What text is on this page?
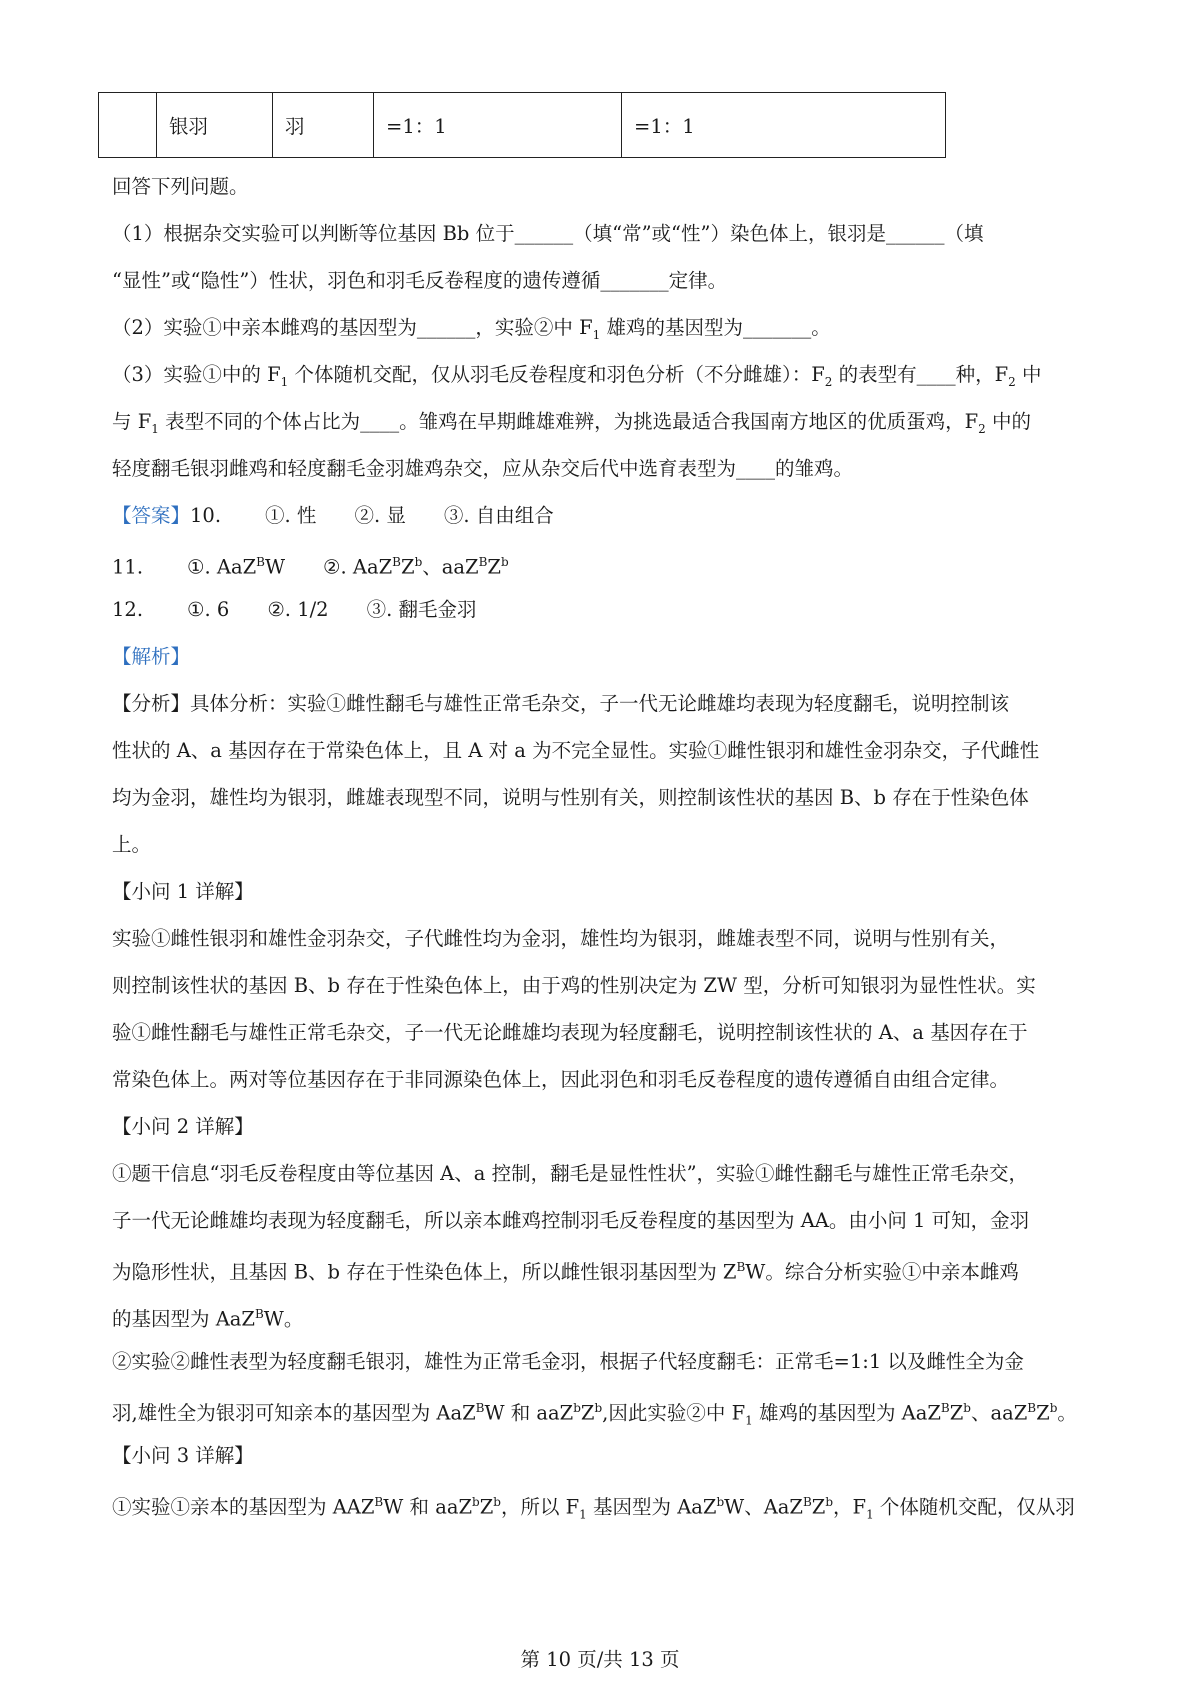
	银羽	羽	=1：1	=1：1
回答下列问题。
（1）根据杂交实验可以判断等位基因 Bb 位于______（填“常”或“性”）染色体上，银羽是______（填
“显性”或“隐性”）性状，羽色和羽毛反卷程度的遗传遵循_______定律。
（2）实验①中亲本雌鸡的基因型为______，实验②中 $F_1$ 雄鸡的基因型为_______。
（3）实验①中的 $F_1$ 个体随机交配，仅从羽毛反卷程度和羽色分析（不分雌雄）：$F_2$ 的表型有____种，$F_2$ 中
与 $F_1$ 表型不同的个体占比为____。雏鸡在早期雌雄难辨，为挑选最适合我国南方地区的优质蛋鸡，$F_2$ 中的
轻度翻毛银羽雌鸡和轻度翻毛金羽雄鸡杂交，应从杂交后代中选育表型为____的雏鸡。
【答案】10. ①. 性 ②. 显 ③. 自由组合
11. ①. AaZ$^B$W ②. $AaZ^BZ^b$、$aaZ^BZ^b$
12. ①. 6 ②. 1/2 ③. 翻毛金羽
【解析】
【分析】具体分析：实验①雌性翻毛与雄性正常毛杂交，子一代无论雌雄均表现为轻度翻毛，说明控制该
性状的 A、a 基因存在于常染色体上，且 A 对 a 为不完全显性。实验①雌性银羽和雄性金羽杂交，子代雌性
均为金羽，雄性均为银羽，雌雄表现型不同，说明与性别有关，则控制该性状的基因 B、b 存在于性染色体
上。
【小问 1 详解】
实验①雌性银羽和雄性金羽杂交，子代雌性均为金羽，雄性均为银羽，雌雄表型不同，说明与性别有关，
则控制该性状的基因 B、b 存在于性染色体上，由于鸡的性别决定为 ZW 型，分析可知银羽为显性性状。实
验①雌性翻毛与雄性正常毛杂交，子一代无论雌雄均表现为轻度翻毛，说明控制该性状的 A、a 基因存在于
常染色体上。两对等位基因存在于非同源染色体上，因此羽色和羽毛反卷程度的遗传遵循自由组合定律。
【小问 2 详解】
①题干信息“羽毛反卷程度由等位基因 A、a 控制，翻毛是显性性状”，实验①雌性翻毛与雄性正常毛杂交，
子一代无论雌雄均表现为轻度翻毛，所以亲本雌鸡控制羽毛反卷程度的基因型为 AA。由小问 1 可知，金羽
为隐形性状，且基因 B、b 存在于性染色体上，所以雌性银羽基因型为 $Z^BW$。综合分析实验①中亲本雌鸡
的基因型为 AaZ$^B$W。
②实验②雌性表型为轻度翻毛银羽，雄性为正常毛金羽，根据子代轻度翻毛：正常毛=1:1 以及雌性全为金
羽,雄性全为银羽可知亲本的基因型为 AaZ$^B$W 和 $aaZ^bZ^b$,因此实验②中 $F_1$ 雄鸡的基因型为 $AaZ^BZ^b$、$aaZ^BZ^b$。
【小问 3 详解】
①实验①亲本的基因型为 $AAZ^BW$ 和 $aaZ^bZ^b$，所以 $F_1$ 基因型为 AaZ$^b$W、$AaZ^BZ^b$，$F_1$ 个体随机交配，仅从羽
第 10 页/共 13 页
